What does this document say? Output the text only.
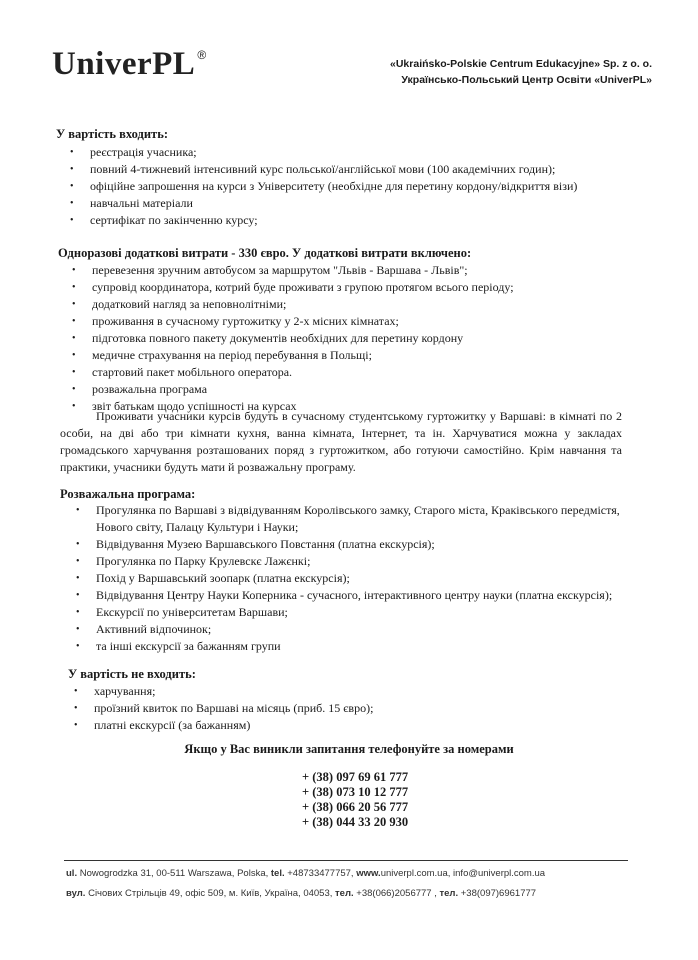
UniverPL ®
«Ukraińsko-Polskie Centrum Edukacyjne» Sp. z o. o.
Українсько-Польський Центр Освіти «UniverPL»
У вартість входить:
• реєстрація учасника;
• повний 4-тижневий інтенсивний курс польської/англійської мови (100 академічних годин);
• офіційне запрошення на курси з Університету (необхідне для перетину кордону/відкриття візи)
• навчальні матеріали
• сертифікат по закінченню курсу;
Одноразові додаткові витрати - 330 євро. У додаткові витрати включено:
• перевезення зручним автобусом за маршрутом "Львів - Варшава - Львів";
• супровід координатора, котрий буде проживати з групою протягом всього періоду;
• додатковий нагляд за неповнолітніми;
• проживання в сучасному гуртожитку у 2-х місних кімнатах;
• підготовка повного пакету документів необхідних для перетину кордону
• медичне страхування на період перебування в Польщі;
• стартовий пакет мобільного оператора.
• розважальна програма
• звіт батькам щодо успішності на курсах
Проживати учасники курсів будуть в сучасному студентському гуртожитку у Варшаві: в кімнаті по 2 особи, на дві або три кімнати кухня, ванна кімната, Інтернет, та ін. Харчуватися можна у закладах громадського харчування розташованих поряд з гуртожитком, або готуючи самостійно. Крім навчання та практики, учасники будуть мати й розважальну програму.
Розважальна програма:
• Прогулянка по Варшаві з відвідуванням Королівського замку, Старого міста, Краківського передмістя, Нового світу, Палацу Культури і Науки;
• Відвідування Музею Варшавського Повстання (платна екскурсія);
• Прогулянка по Парку Крулевскє Лажєнкі;
• Похід у Варшавський зоопарк (платна екскурсія);
• Відвідування Центру Науки Коперника - сучасного, інтерактивного центру науки (платна екскурсія);
• Екскурсії по університетам Варшави;
• Активний відпочинок;
• та інші екскурсії за бажанням групи
У вартість не входить:
• харчування;
• проїзний квиток по Варшаві на місяць (приб. 15 євро);
• платні екскурсії (за бажанням)
Якщо у Вас виникли запитання телефонуйте за номерами
+ (38) 097 69 61 777
+ (38) 073 10 12 777
+ (38) 066 20 56 777
+ (38) 044 33 20 930
ul. Nowogrodzka 31, 00-511 Warszawa, Polska, tel. +48733477757, www.univerpl.com.ua, info@univerpl.com.ua
вул. Січових Стрільців 49, офіс 509, м. Київ, Україна, 04053, тел. +38(066)2056777 , тел. +38(097)6961777
